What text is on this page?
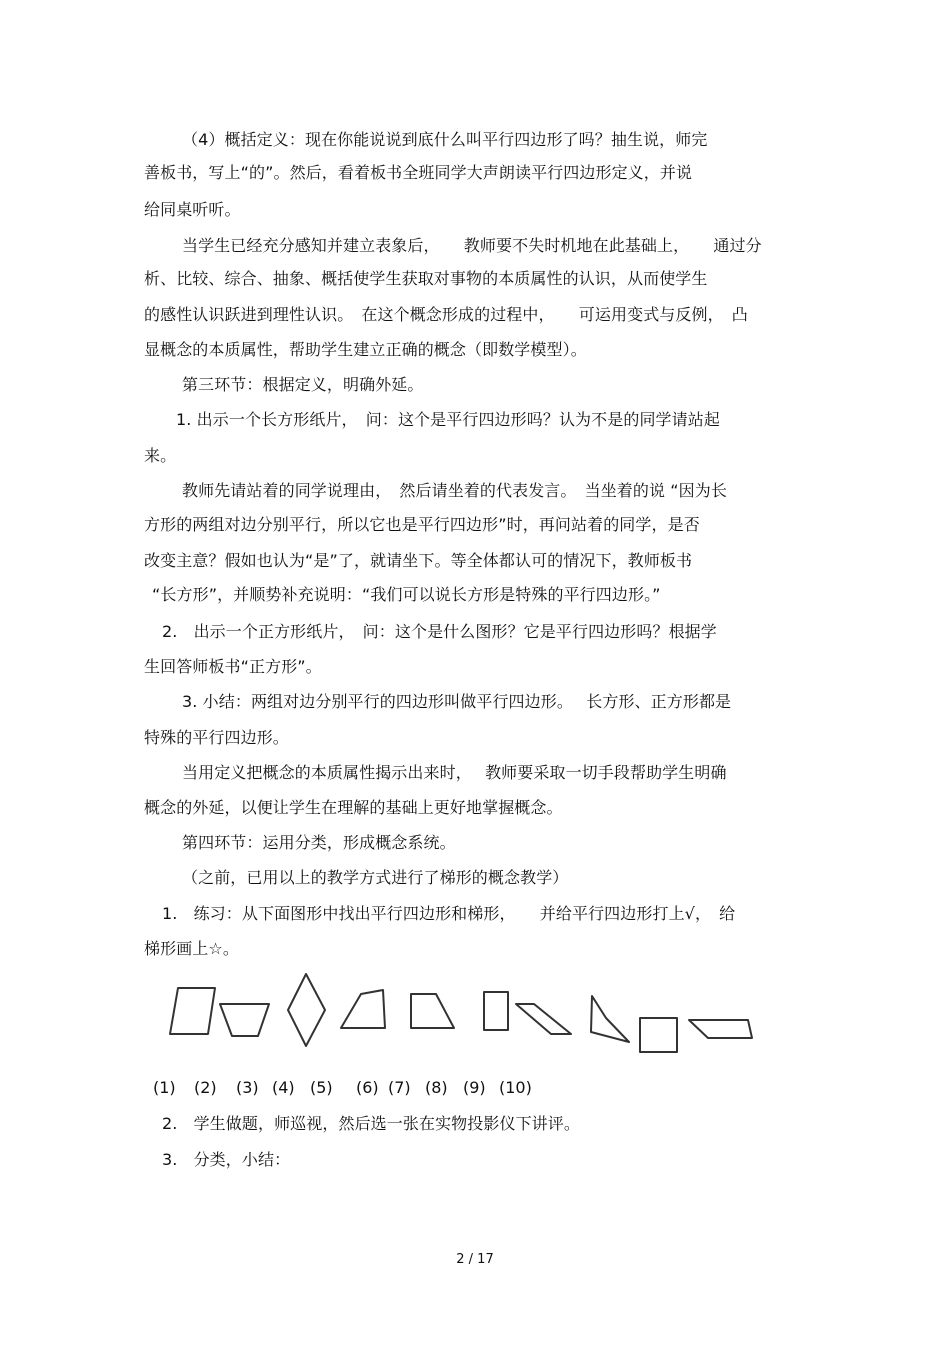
（4）概括定义：现在你能说说到底什么叫平行四边形了吗？抽生说，师完
善板书，写上“的”。然后，看着板书全班同学大声朗读平行四边形定义，并说
给同桌听听。
当学生已经充分感知并建立表象后，　　教师要不失时机地在此基础上，　　通过分
析、比较、综合、抽象、概括使学生获取对事物的本质属性的认识，从而使学生
的感性认识跃进到理性认识。　在这个概念形成的过程中，　　可运用变式与反例，　凸
显概念的本质属性，帮助学生建立正确的概念（即数学模型）。
第三环节：根据定义，明确外延。
1. 出示一个长方形纸片，　问：这个是平行四边形吗？认为不是的同学请站起
来。
教师先请站着的同学说理由，　然后请坐着的代表发言。　当坐着的说 “因为长
方形的两组对边分别平行，所以它也是平行四边形”时，再问站着的同学，是否
改变主意？假如也认为“是”了，就请坐下。等全体都认可的情况下，教师板书
“长方形”，并顺势补充说明：“我们可以说长方形是特殊的平行四边形。”
2.　出示一个正方形纸片，　问：这个是什么图形？它是平行四边形吗？根据学
生回答师板书“正方形”。
3. 小结：两组对边分别平行的四边形叫做平行四边形。　 长方形、正方形都是
特殊的平行四边形。
当用定义把概念的本质属性揭示出来时，　 教师要采取一切手段帮助学生明确
概念的外延，以便让学生在理解的基础上更好地掌握概念。
第四环节：运用分类，形成概念系统。
（之前，已用以上的教学方式进行了梯形的概念教学）
1.　练习：从下面图形中找出平行四边形和梯形，　　并给平行四边形打上√，　给
梯形画上☆。
(1) (2) (3) (4) (5) (6) (7) (8) (9) (10)
2.　学生做题，师巡视，然后选一张在实物投影仪下讲评。
3.　分类，小结：
2 / 17
